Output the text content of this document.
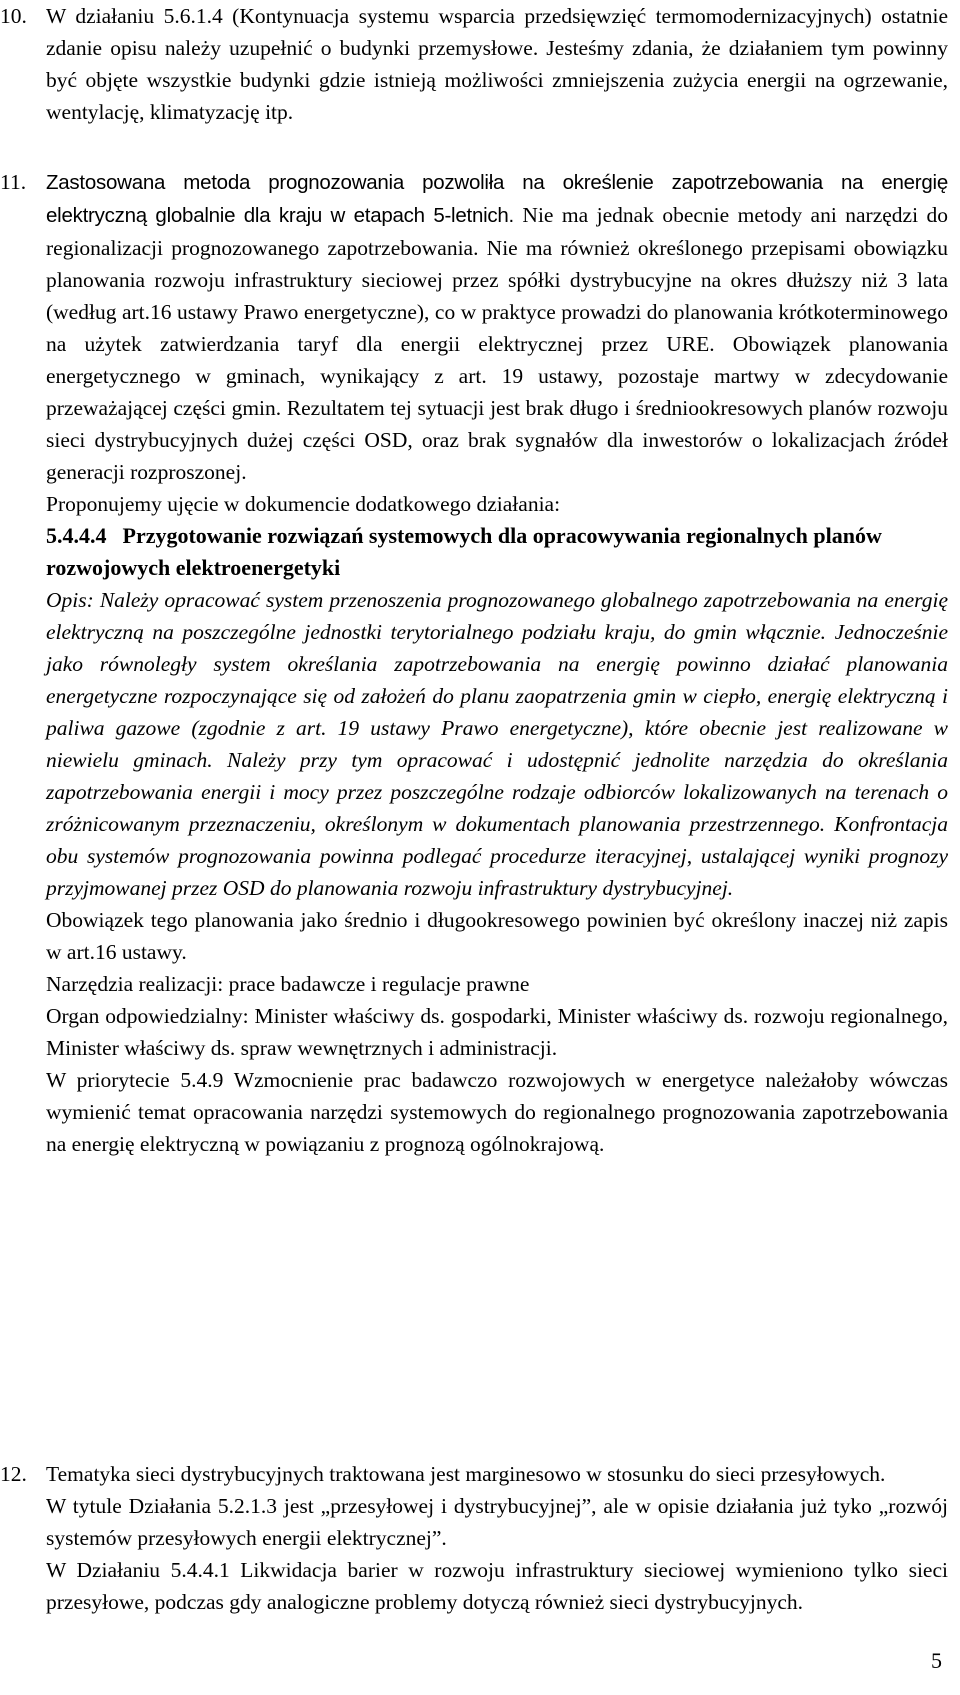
10. W działaniu 5.6.1.4 (Kontynuacja systemu wsparcia przedsięwzięć termomodernizacyjnych) ostatnie zdanie opisu należy uzupełnić o budynki przemysłowe. Jesteśmy zdania, że działaniem tym powinny być objęte wszystkie budynki gdzie istnieją możliwości zmniejszenia zużycia energii na ogrzewanie, wentylację, klimatyzację itp.

11. Zastosowana metoda prognozowania pozwoliła na określenie zapotrzebowania na energię elektryczną globalnie dla kraju w etapach 5-letnich. Nie ma jednak obecnie metody ani narzędzi do regionalizacji prognozowanego zapotrzebowania. Nie ma również określonego przepisami obowiązku planowania rozwoju infrastruktury sieciowej przez spółki dystrybucyjne na okres dłuższy niż 3 lata (według art.16 ustawy Prawo energetyczne), co w praktyce prowadzi do planowania krótkoterminowego na użytek zatwierdzania taryf dla energii elektrycznej przez URE. Obowiązek planowania energetycznego w gminach, wynikający z art. 19 ustawy, pozostaje martwy w zdecydowanie przeważającej części gmin. Rezultatem tej sytuacji jest brak długo i średniookresowych planów rozwoju sieci dystrybucyjnych dużej części OSD, oraz brak sygnałów dla inwestorów o lokalizacjach źródeł generacji rozproszonej.

Proponujemy ujęcie w dokumencie dodatkowego działania:

5.4.4.4 Przygotowanie rozwiązań systemowych dla opracowywania regionalnych planów rozwojowych elektroenergetyki

Opis: Należy opracować system przenoszenia prognozowanego globalnego zapotrzebowania na energię elektryczną na poszczególne jednostki terytorialnego podziału kraju, do gmin włącznie. Jednocześnie jako równoległy system określania zapotrzebowania na energię powinno działać planowania energetyczne rozpoczynające się od założeń do planu zaopatrzenia gmin w ciepło, energię elektryczną i paliwa gazowe (zgodnie z art. 19 ustawy Prawo energetyczne), które obecnie jest realizowane w niewielu gminach. Należy przy tym opracować i udostępnić jednolite narzędzia do określania zapotrzebowania energii i mocy przez poszczególne rodzaje odbiorców lokalizowanych na terenach o zróżnicowanym przeznaczeniu, określonym w dokumentach planowania przestrzennego. Konfrontacja obu systemów prognozowania powinna podlegać procedurze iteracyjnej, ustalającej wyniki prognozy przyjmowanej przez OSD do planowania rozwoju infrastruktury dystrybucyjnej.

Obowiązek tego planowania jako średnio i długookresowego powinien być określony inaczej niż zapis w art.16 ustawy.

Narzędzia realizacji: prace badawcze i regulacje prawne

Organ odpowiedzialny: Minister właściwy ds. gospodarki, Minister właściwy ds. rozwoju regionalnego, Minister właściwy ds. spraw wewnętrznych i administracji.

W priorytecie 5.4.9 Wzmocnienie prac badawczo rozwojowych w energetyce należałoby wówczas wymienić temat opracowania narzędzi systemowych do regionalnego prognozowania zapotrzebowania na energię elektryczną w powiązaniu z prognozą ogólnokrajową.

12. Tematyka sieci dystrybucyjnych traktowana jest marginesowo w stosunku do sieci przesyłowych.

W tytule Działania 5.2.1.3 jest „przesyłowej i dystrybucyjnej”, ale w opisie działania już tyko „rozwój systemów przesyłowych energii elektrycznej”.

W Działaniu 5.4.4.1 Likwidacja barier w rozwoju infrastruktury sieciowej wymieniono tylko sieci przesyłowe, podczas gdy analogiczne problemy dotyczą również sieci dystrybucyjnych.

5
